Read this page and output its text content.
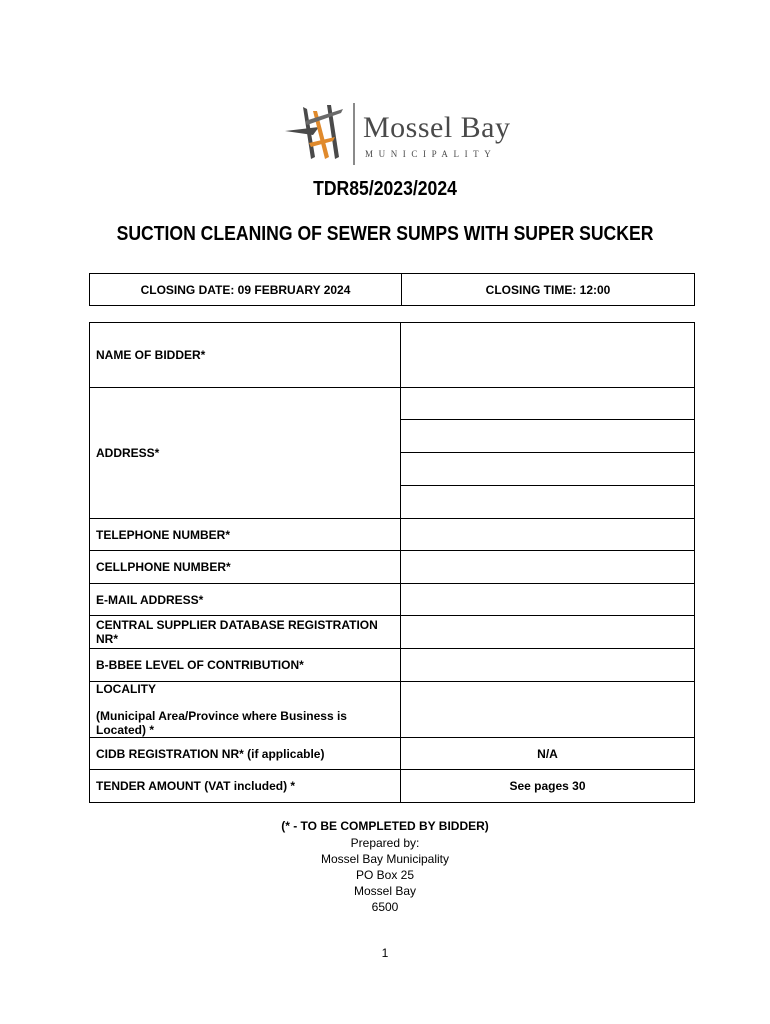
Mossel Bay
MUNICIPALITY
TDR85/2023/2024
SUCTION CLEANING OF SEWER SUMPS WITH SUPER SUCKER
CLOSING DATE: 09 FEBRUARY 2024	CLOSING TIME: 12:00
NAME OF BIDDER*	
ADDRESS*	

TELEPHONE NUMBER*	
CELLPHONE NUMBER*	
E-MAIL ADDRESS*	
CENTRAL SUPPLIER DATABASE REGISTRATION NR*	
B-BBEE LEVEL OF CONTRIBUTION*	
LOCALITY
(Municipal Area/Province where Business is Located) *	

CIDB REGISTRATION NR* (if applicable)	N/A
TENDER AMOUNT (VAT included) *	See pages 30
(* - TO BE COMPLETED BY BIDDER)
Prepared by:
Mossel Bay Municipality
PO Box 25
Mossel Bay
6500
1
